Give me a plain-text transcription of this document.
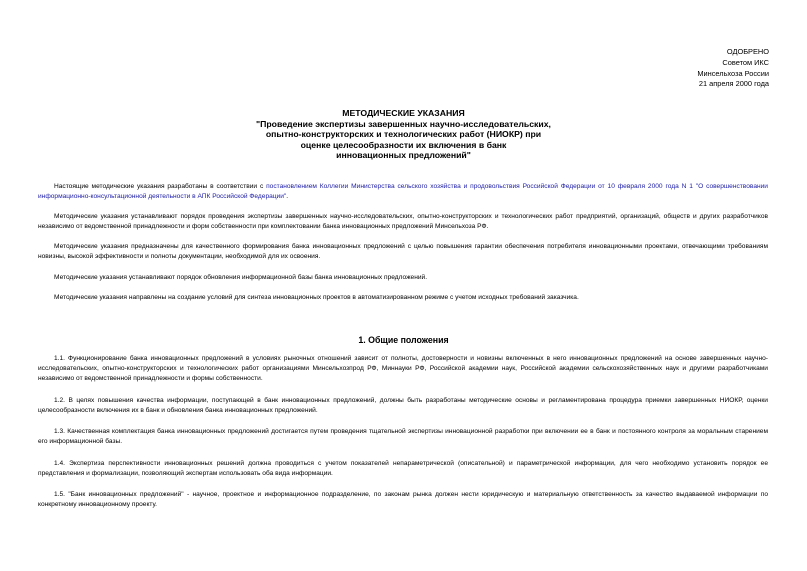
ОДОБРЕНО
Советом ИКС
Минсельхоза России
21 апреля 2000 года
МЕТОДИЧЕСКИЕ УКАЗАНИЯ
"Проведение экспертизы завершенных научно-исследовательских,
опытно-конструкторских и технологических работ (НИОКР) при
оценке целесообразности их включения в банк
инновационных предложений"

Настоящие методические указания разработаны в соответствии с постановлением Коллегии Министерства сельского хозяйства и продовольствия Российской Федерации от 10 февраля 2000 года N 1 "О совершенствовании информационно-консультационной деятельности в АПК Российской Федерации".

Методические указания устанавливают порядок проведения экспертизы завершенных научно-исследовательских, опытно-конструкторских и технологических работ предприятий, организаций, обществ и других разработчиков независимо от ведомственной принадлежности и форм собственности при комплектовании банка инновационных предложений Минсельхоза РФ.

Методические указания предназначены для качественного формирования банка инновационных предложений с целью повышения гарантии обеспечения потребителя инновационными проектами, отвечающими требованиям новизны, высокой эффективности и полноты документации, необходимой для их освоения.

Методические указания устанавливают порядок обновления информационной базы банка инновационных предложений.

Методические указания направлены на создание условий для синтеза инновационных проектов в автоматизированном режиме с учетом исходных требований заказчика.

1. Общие положения

1.1. Функционирование банка инновационных предложений в условиях рыночных отношений зависит от полноты, достоверности и новизны включенных в него инновационных предложений на основе завершенных научно-исследовательских, опытно-конструкторских и технологических работ организациями Минсельхозпрод РФ, Миннауки РФ, Российской академии наук, Российской академии сельскохозяйственных наук и другими разработчиками независимо от ведомственной принадлежности и формы собственности.

1.2. В целях повышения качества информации, поступающей в банк инновационных предложений, должны быть разработаны методические основы и регламентирована процедура приемки завершенных НИОКР, оценки целесообразности включения их в банк и обновления банка инновационных предложений.

1.3. Качественная комплектация банка инновационных предложений достигается путем проведения тщательной экспертизы инновационной разработки при включении ее в банк и постоянного контроля за моральным старением его информационной базы.

1.4. Экспертиза перспективности инновационных решений должна проводиться с учетом показателей непараметрической (описательной) и параметрической информации, для чего необходимо установить порядок ее представления и формализации, позволяющий экспертам использовать оба вида информации.

1.5. "Банк инновационных предложений" - научное, проектное и информационное подразделение, по законам рынка должен нести юридическую и материальную ответственность за качество выдаваемой информации по конкретному инновационному проекту.
